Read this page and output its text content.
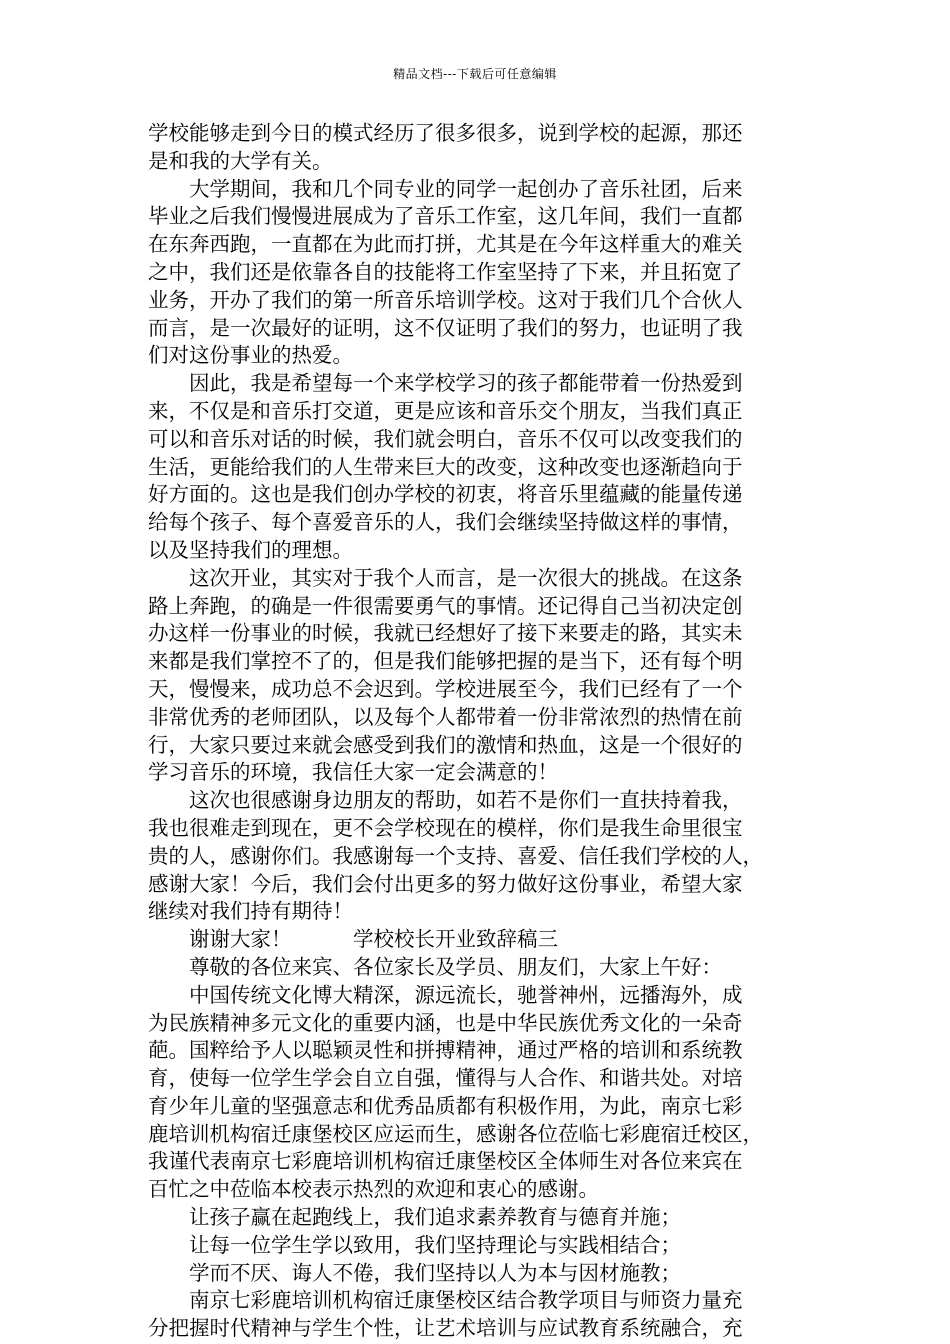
精品文档---下载后可任意编辑
学校能够走到今日的模式经历了很多很多，说到学校的起源，那还
是和我的大学有关。
大学期间，我和几个同专业的同学一起创办了音乐社团，后来
毕业之后我们慢慢进展成为了音乐工作室，这几年间，我们一直都
在东奔西跑，一直都在为此而打拼，尤其是在今年这样重大的难关
之中，我们还是依靠各自的技能将工作室坚持了下来，并且拓宽了
业务，开办了我们的第一所音乐培训学校。这对于我们几个合伙人
而言，是一次最好的证明，这不仅证明了我们的努力，也证明了我
们对这份事业的热爱。
因此，我是希望每一个来学校学习的孩子都能带着一份热爱到
来，不仅是和音乐打交道，更是应该和音乐交个朋友，当我们真正
可以和音乐对话的时候，我们就会明白，音乐不仅可以改变我们的
生活，更能给我们的人生带来巨大的改变，这种改变也逐渐趋向于
好方面的。这也是我们创办学校的初衷，将音乐里蕴藏的能量传递
给每个孩子、每个喜爱音乐的人，我们会继续坚持做这样的事情，
以及坚持我们的理想。
这次开业，其实对于我个人而言，是一次很大的挑战。在这条
路上奔跑，的确是一件很需要勇气的事情。还记得自己当初决定创
办这样一份事业的时候，我就已经想好了接下来要走的路，其实未
来都是我们掌控不了的，但是我们能够把握的是当下，还有每个明
天，慢慢来，成功总不会迟到。学校进展至今，我们已经有了一个
非常优秀的老师团队，以及每个人都带着一份非常浓烈的热情在前
行，大家只要过来就会感受到我们的激情和热血，这是一个很好的
学习音乐的环境，我信任大家一定会满意的！
这次也很感谢身边朋友的帮助，如若不是你们一直扶持着我，
我也很难走到现在，更不会学校现在的模样，你们是我生命里很宝
贵的人，感谢你们。我感谢每一个支持、喜爱、信任我们学校的人，
感谢大家！今后，我们会付出更多的努力做好这份事业，希望大家
继续对我们持有期待！
谢谢大家！　　　学校校长开业致辞稿三
尊敬的各位来宾、各位家长及学员、朋友们，大家上午好：
中国传统文化博大精深，源远流长，驰誉神州，远播海外，成
为民族精神多元文化的重要内涵，也是中华民族优秀文化的一朵奇
葩。国粹给予人以聪颖灵性和拼搏精神，通过严格的培训和系统教
育，使每一位学生学会自立自强，懂得与人合作、和谐共处。对培
育少年儿童的坚强意志和优秀品质都有积极作用，为此，南京七彩
鹿培训机构宿迁康堡校区应运而生，感谢各位莅临七彩鹿宿迁校区，
我谨代表南京七彩鹿培训机构宿迁康堡校区全体师生对各位来宾在
百忙之中莅临本校表示热烈的欢迎和衷心的感谢。
让孩子赢在起跑线上，我们追求素养教育与德育并施；
让每一位学生学以致用，我们坚持理论与实践相结合；
学而不厌、诲人不倦，我们坚持以人为本与因材施教；
南京七彩鹿培训机构宿迁康堡校区结合教学项目与师资力量充
分把握时代精神与学生个性，让艺术培训与应试教育系统融合，充
